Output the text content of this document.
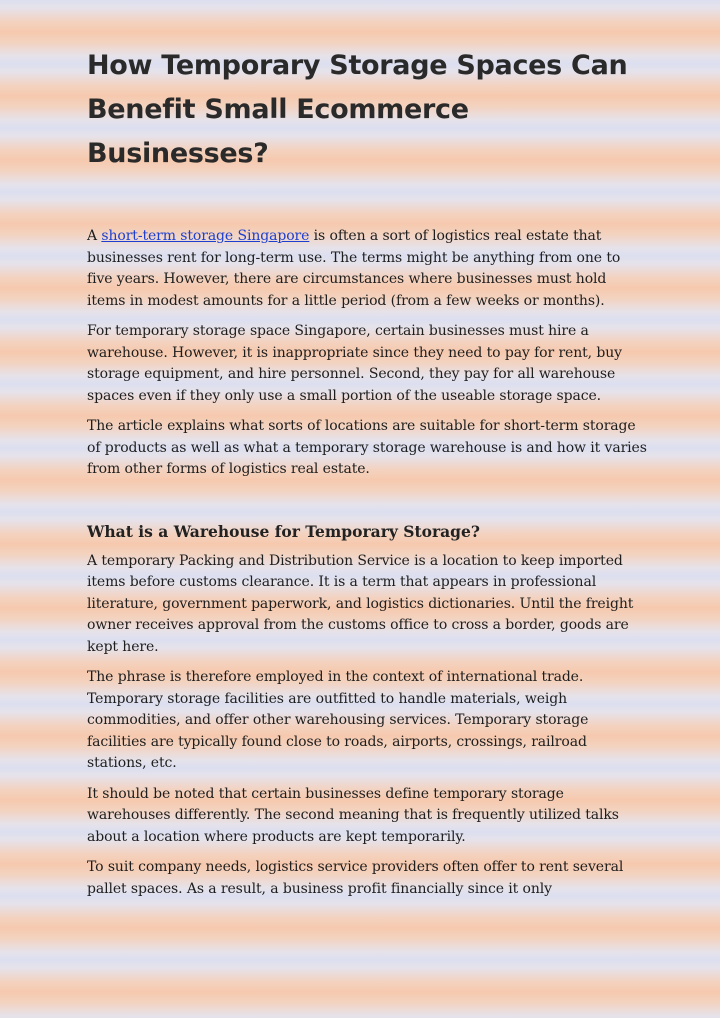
How Temporary Storage Spaces Can Benefit Small Ecommerce Businesses?

A short-term storage Singapore is often a sort of logistics real estate that businesses rent for long-term use. The terms might be anything from one to five years. However, there are circumstances where businesses must hold items in modest amounts for a little period (from a few weeks or months).

For temporary storage space Singapore, certain businesses must hire a warehouse. However, it is inappropriate since they need to pay for rent, buy storage equipment, and hire personnel. Second, they pay for all warehouse spaces even if they only use a small portion of the useable storage space.

The article explains what sorts of locations are suitable for short-term storage of products as well as what a temporary storage warehouse is and how it varies from other forms of logistics real estate.

What is a Warehouse for Temporary Storage?

A temporary Packing and Distribution Service is a location to keep imported items before customs clearance. It is a term that appears in professional literature, government paperwork, and logistics dictionaries. Until the freight owner receives approval from the customs office to cross a border, goods are kept here.

The phrase is therefore employed in the context of international trade. Temporary storage facilities are outfitted to handle materials, weigh commodities, and offer other warehousing services. Temporary storage facilities are typically found close to roads, airports, crossings, railroad stations, etc.

It should be noted that certain businesses define temporary storage warehouses differently. The second meaning that is frequently utilized talks about a location where products are kept temporarily.

To suit company needs, logistics service providers often offer to rent several pallet spaces. As a result, a business profit financially since it only
